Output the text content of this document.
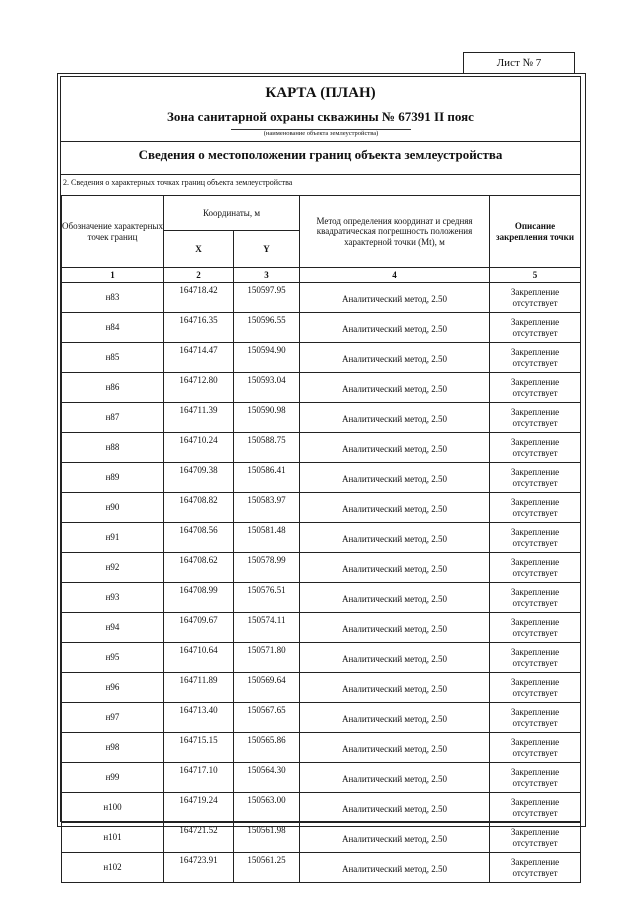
Лист № 7
КАРТА (ПЛАН)
Зона санитарной охраны скважины № 67391 II пояс
(наименование объекта землеустройства)
Сведения о местоположении границ объекта землеустройства
2. Сведения о характерных точках границ объекта землеустройства
Обозначение характерных точек границ	Координаты, м		Метод определения координат и средняя квадратическая погрешность положения характерной точки (Mt), м	Описание закрепления точки
	X	Y		
1	2	3	4	5
н83	164718.42	150597.95	Аналитический метод, 2.50	Закрепление отсутствует
н84	164716.35	150596.55	Аналитический метод, 2.50	Закрепление отсутствует
н85	164714.47	150594.90	Аналитический метод, 2.50	Закрепление отсутствует
н86	164712.80	150593.04	Аналитический метод, 2.50	Закрепление отсутствует
н87	164711.39	150590.98	Аналитический метод, 2.50	Закрепление отсутствует
н88	164710.24	150588.75	Аналитический метод, 2.50	Закрепление отсутствует
н89	164709.38	150586.41	Аналитический метод, 2.50	Закрепление отсутствует
н90	164708.82	150583.97	Аналитический метод, 2.50	Закрепление отсутствует
н91	164708.56	150581.48	Аналитический метод, 2.50	Закрепление отсутствует
н92	164708.62	150578.99	Аналитический метод, 2.50	Закрепление отсутствует
н93	164708.99	150576.51	Аналитический метод, 2.50	Закрепление отсутствует
н94	164709.67	150574.11	Аналитический метод, 2.50	Закрепление отсутствует
н95	164710.64	150571.80	Аналитический метод, 2.50	Закрепление отсутствует
н96	164711.89	150569.64	Аналитический метод, 2.50	Закрепление отсутствует
н97	164713.40	150567.65	Аналитический метод, 2.50	Закрепление отсутствует
н98	164715.15	150565.86	Аналитический метод, 2.50	Закрепление отсутствует
н99	164717.10	150564.30	Аналитический метод, 2.50	Закрепление отсутствует
н100	164719.24	150563.00	Аналитический метод, 2.50	Закрепление отсутствует
н101	164721.52	150561.98	Аналитический метод, 2.50	Закрепление отсутствует
н102	164723.91	150561.25	Аналитический метод, 2.50	Закрепление отсутствует
